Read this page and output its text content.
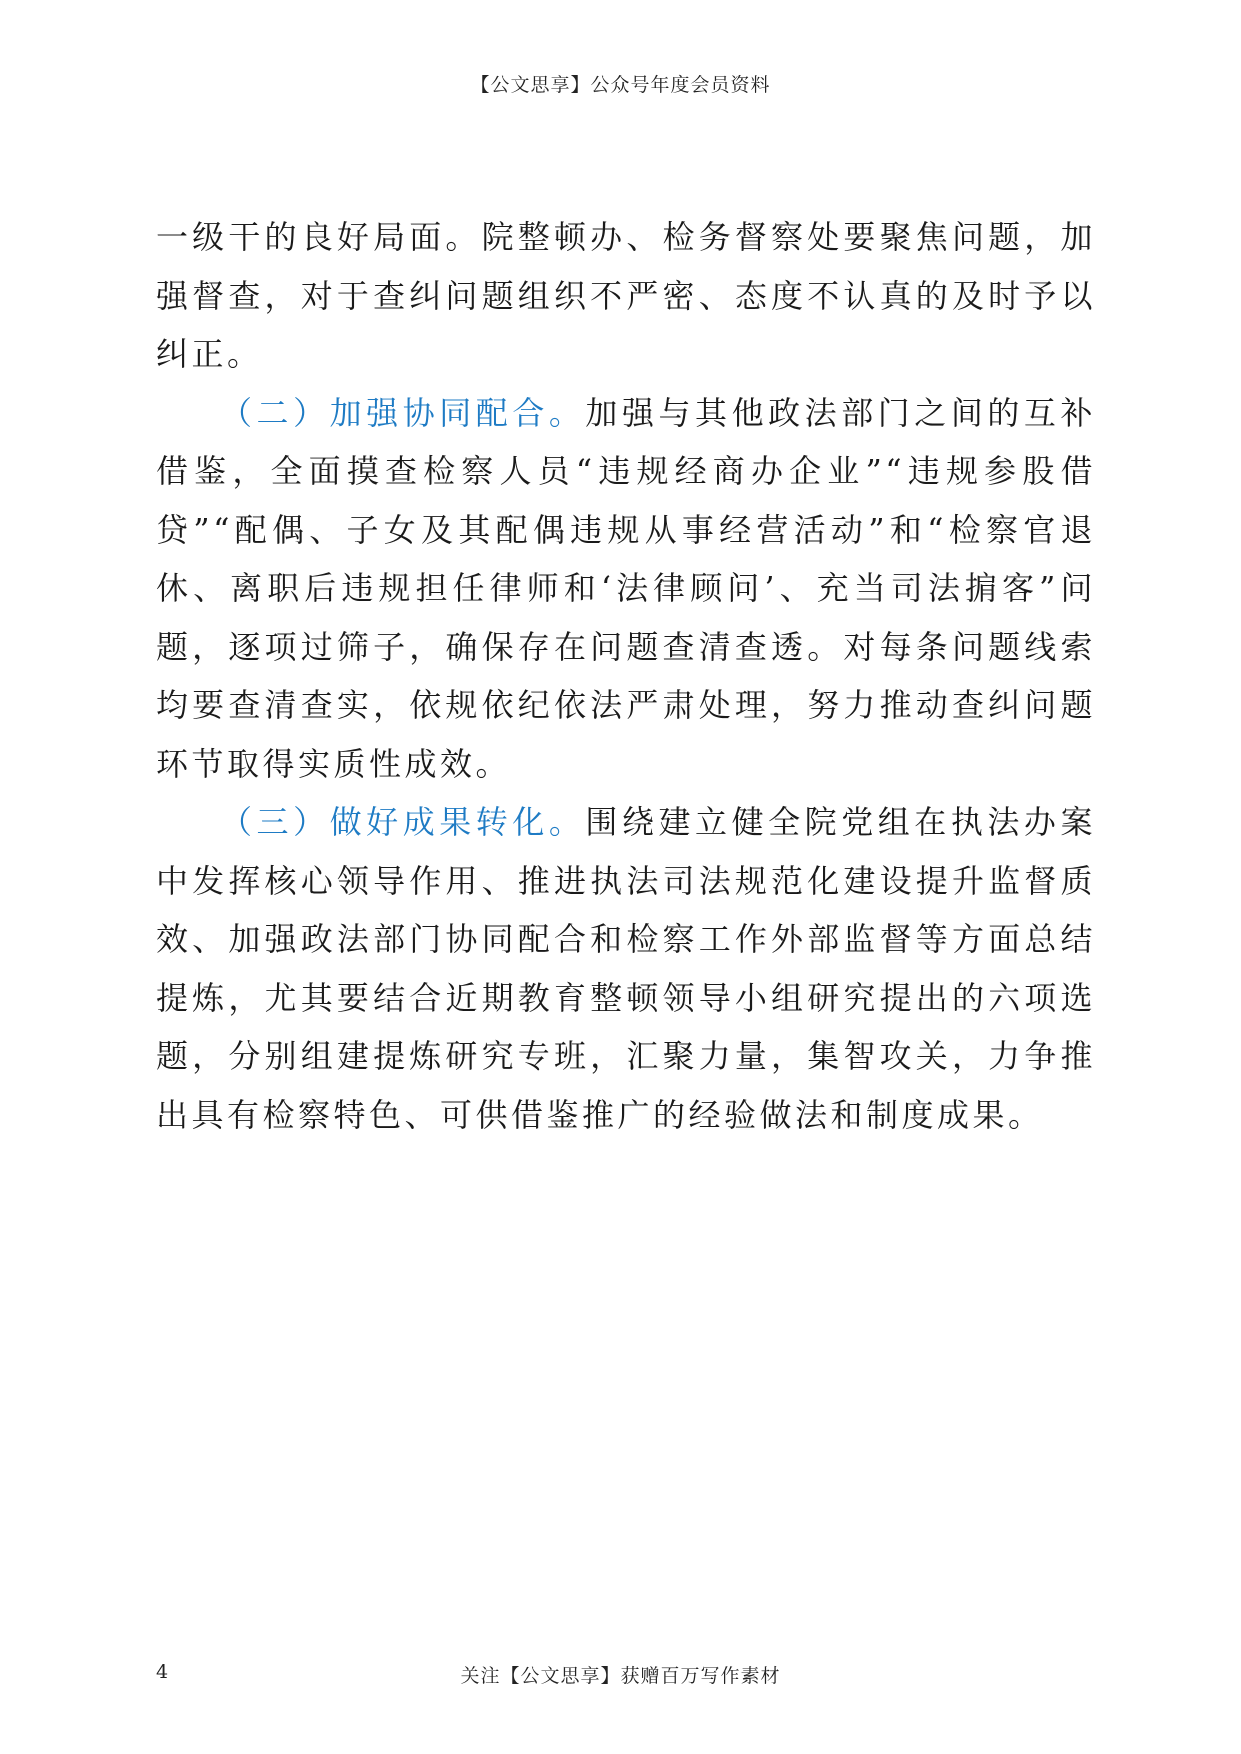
【公文思享】公众号年度会员资料

一级干的良好局面。院整顿办、检务督察处要聚焦问题，加强督查，对于查纠问题组织不严密、态度不认真的及时予以纠正。

（二）加强协同配合。加强与其他政法部门之间的互补借鉴，全面摸查检察人员“违规经商办企业”“违规参股借贷”“配偶、子女及其配偶违规从事经营活动”和“检察官退休、离职后违规担任律师和‘法律顾问’、充当司法掮客”问题，逐项过筛子，确保存在问题查清查透。对每条问题线索均要查清查实，依规依纪依法严肃处理，努力推动查纠问题环节取得实质性成效。

（三）做好成果转化。围绕建立健全院党组在执法办案中发挥核心领导作用、推进执法司法规范化建设提升监督质效、加强政法部门协同配合和检察工作外部监督等方面总结提炼，尤其要结合近期教育整顿领导小组研究提出的六项选题，分别组建提炼研究专班，汇聚力量，集智攻关，力争推出具有检察特色、可供借鉴推广的经验做法和制度成果。

4	关注【公文思享】获赠百万写作素材
